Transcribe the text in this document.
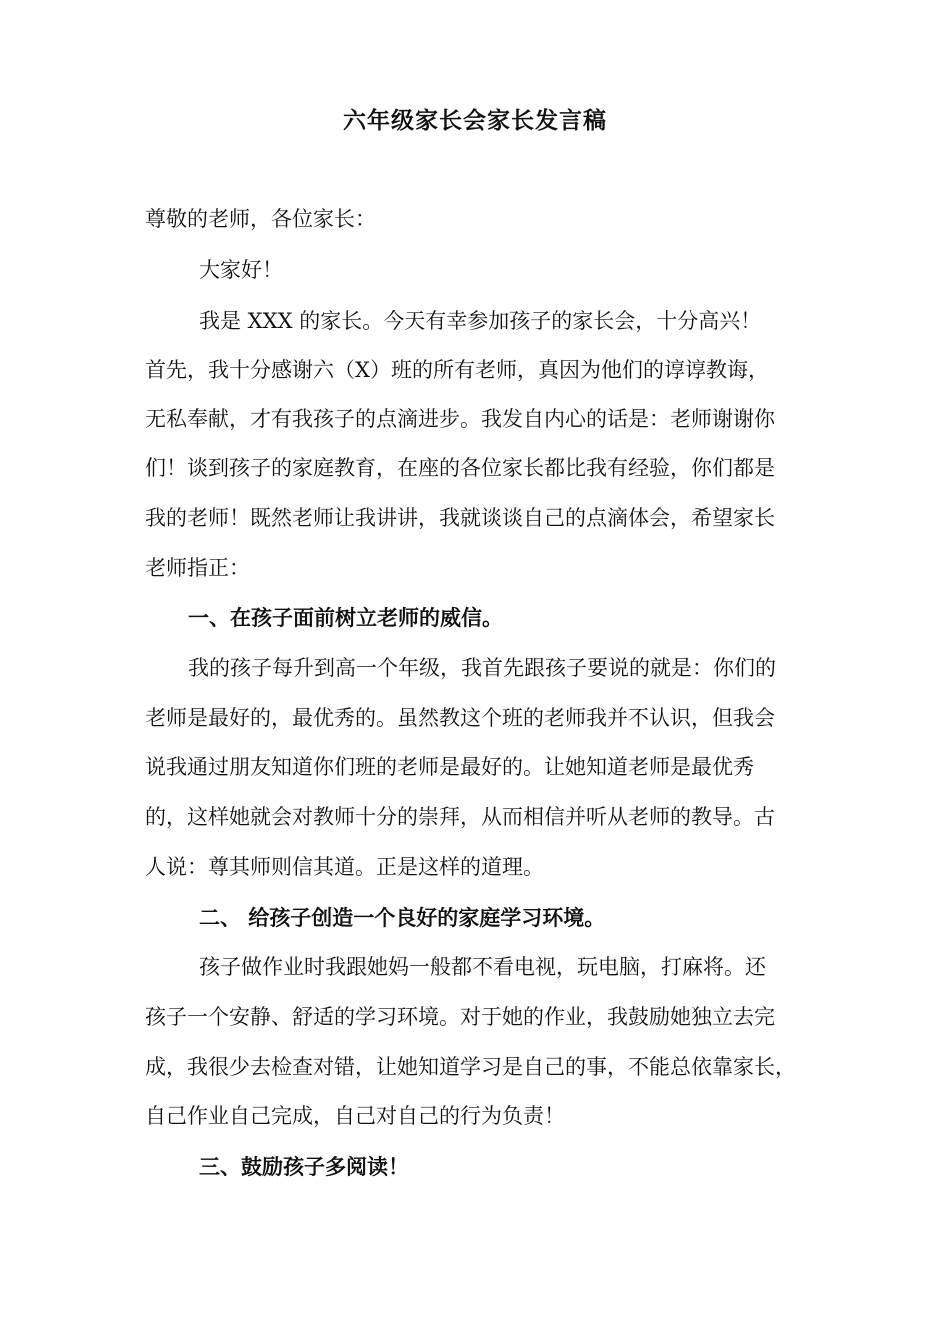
六年级家长会家长发言稿
尊敬的老师，各位家长：
大家好！
我是 XXX 的家长。今天有幸参加孩子的家长会，十分高兴！
首先，我十分感谢六（X）班的所有老师，真因为他们的谆谆教诲，
无私奉献，才有我孩子的点滴进步。我发自内心的话是：老师谢谢你
们！谈到孩子的家庭教育，在座的各位家长都比我有经验，你们都是
我的老师！既然老师让我讲讲，我就谈谈自己的点滴体会，希望家长
老师指正：
一、在孩子面前树立老师的威信。
我的孩子每升到高一个年级，我首先跟孩子要说的就是：你们的
老师是最好的，最优秀的。虽然教这个班的老师我并不认识，但我会
说我通过朋友知道你们班的老师是最好的。让她知道老师是最优秀
的，这样她就会对教师十分的崇拜，从而相信并听从老师的教导。古
人说：尊其师则信其道。正是这样的道理。
二、 给孩子创造一个良好的家庭学习环境。
孩子做作业时我跟她妈一般都不看电视，玩电脑，打麻将。还
孩子一个安静、舒适的学习环境。对于她的作业，我鼓励她独立去完
成，我很少去检查对错，让她知道学习是自己的事，不能总依靠家长，
自己作业自己完成，自己对自己的行为负责！
三、鼓励孩子多阅读！
